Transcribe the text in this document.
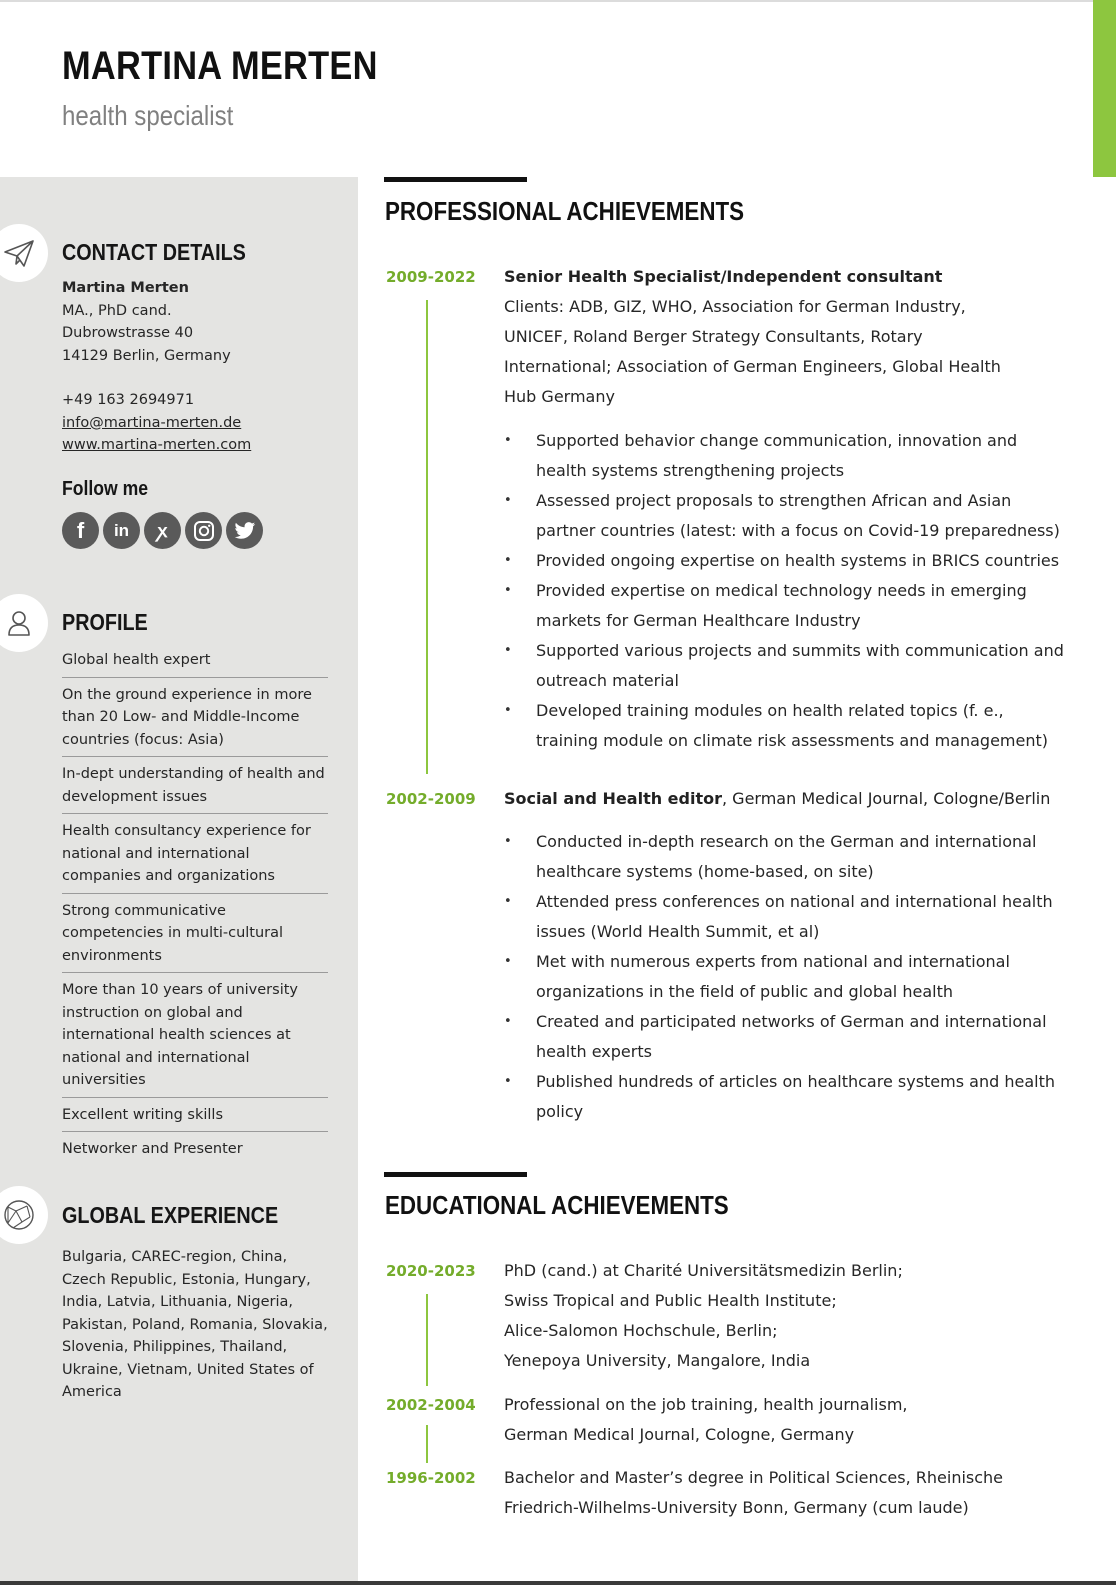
MARTINA MERTEN
health specialist
CONTACT DETAILS
Martina Merten
MA., PhD cand.
Dubrowstrasse 40
14129 Berlin, Germany
+49 163 2694971
info@martina-merten.de
www.martina-merten.com
Follow me
f in ꭗ
PROFILE
Global health expert
On the ground experience in more than 20 Low- and Middle-Income countries (focus: Asia)
In-dept understanding of health and development issues
Health consultancy experience for national and international companies and organizations
Strong communicative competencies in multi-cultural environments
More than 10 years of university instruction on global and international health sciences at national and international universities
Excellent writing skills
Networker and Presenter
GLOBAL EXPERIENCE
Bulgaria, CAREC-region, China, Czech Republic, Estonia, Hungary, India, Latvia, Lithuania, Nigeria, Pakistan, Poland, Romania, Slovakia, Slovenia, Philippines, Thailand, Ukraine, Vietnam, United States of America
PROFESSIONAL ACHIEVEMENTS
2009-2022 Senior Health Specialist/Independent consultant
Clients: ADB, GIZ, WHO, Association for German Industry, UNICEF, Roland Berger Strategy Consultants, Rotary International; Association of German Engineers, Global Health Hub Germany
• Supported behavior change communication, innovation and health systems strengthening projects
• Assessed project proposals to strengthen African and Asian partner countries (latest: with a focus on Covid-19 preparedness)
• Provided ongoing expertise on health systems in BRICS countries
• Provided expertise on medical technology needs in emerging markets for German Healthcare Industry
• Supported various projects and summits with communication and outreach material
• Developed training modules on health related topics (f. e., training module on climate risk assessments and management)
2002-2009 Social and Health editor, German Medical Journal, Cologne/Berlin
• Conducted in-depth research on the German and international healthcare systems (home-based, on site)
• Attended press conferences on national and international health issues (World Health Summit, et al)
• Met with numerous experts from national and international organizations in the field of public and global health
• Created and participated networks of German and international health experts
• Published hundreds of articles on healthcare systems and health policy
EDUCATIONAL ACHIEVEMENTS
2020-2023 PhD (cand.) at Charité Universitätsmedizin Berlin;
Swiss Tropical and Public Health Institute;
Alice-Salomon Hochschule, Berlin;
Yenepoya University, Mangalore, India
2002-2004 Professional on the job training, health journalism,
German Medical Journal, Cologne, Germany
1996-2002 Bachelor and Master’s degree in Political Sciences, Rheinische
Friedrich-Wilhelms-University Bonn, Germany (cum laude)
